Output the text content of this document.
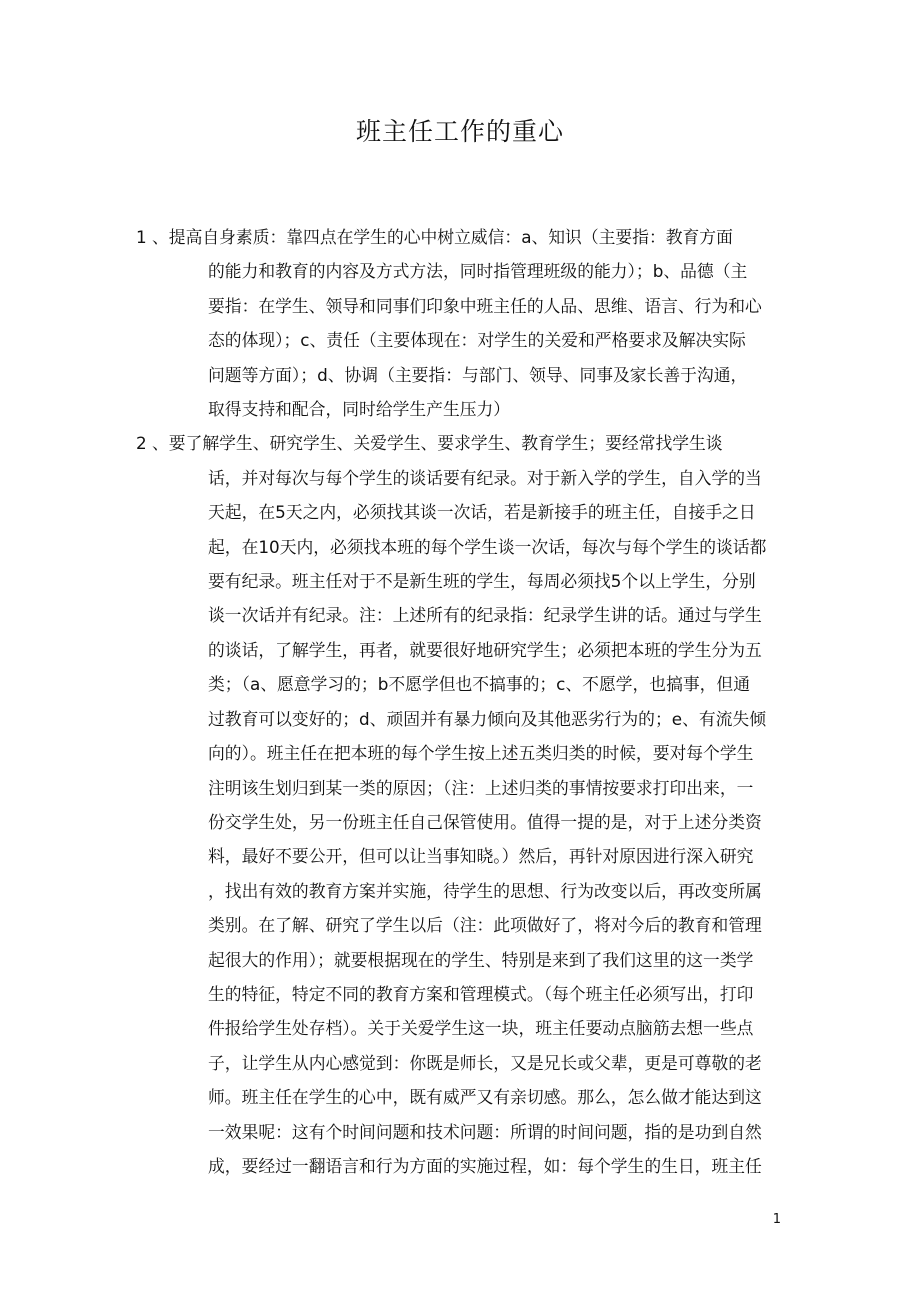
班主任工作的重心
1 、提高自身素质：靠四点在学生的心中树立威信：a、知识（主要指：教育方面
的能力和教育的内容及方式方法，同时指管理班级的能力）；b、品德（主
要指：在学生、领导和同事们印象中班主任的人品、思维、语言、行为和心
态的体现）；c、责任（主要体现在：对学生的关爱和严格要求及解决实际
问题等方面）；d、协调（主要指：与部门、领导、同事及家长善于沟通，
取得支持和配合，同时给学生产生压力）
2 、要了解学生、研究学生、关爱学生、要求学生、教育学生；要经常找学生谈
话，并对每次与每个学生的谈话要有纪录。对于新入学的学生，自入学的当
天起，在5天之内，必须找其谈一次话，若是新接手的班主任，自接手之日
起，在10天内，必须找本班的每个学生谈一次话，每次与每个学生的谈话都
要有纪录。班主任对于不是新生班的学生，每周必须找5个以上学生，分别
谈一次话并有纪录。注：上述所有的纪录指：纪录学生讲的话。通过与学生
的谈话，了解学生，再者，就要很好地研究学生；必须把本班的学生分为五
类；（a、愿意学习的；b不愿学但也不搞事的；c、不愿学，也搞事，但通
过教育可以变好的；d、顽固并有暴力倾向及其他恶劣行为的；e、有流失倾
向的）。班主任在把本班的每个学生按上述五类归类的时候，要对每个学生
注明该生划归到某一类的原因；（注：上述归类的事情按要求打印出来，一
份交学生处，另一份班主任自己保管使用。值得一提的是，对于上述分类资
料，最好不要公开，但可以让当事知晓。）然后，再针对原因进行深入研究
，找出有效的教育方案并实施，待学生的思想、行为改变以后，再改变所属
类别。在了解、研究了学生以后（注：此项做好了，将对今后的教育和管理
起很大的作用）；就要根据现在的学生、特别是来到了我们这里的这一类学
生的特征，特定不同的教育方案和管理模式。（每个班主任必须写出，打印
件报给学生处存档）。关于关爱学生这一块，班主任要动点脑筋去想一些点
子，让学生从内心感觉到：你既是师长，又是兄长或父辈，更是可尊敬的老
师。班主任在学生的心中，既有威严又有亲切感。那么，怎么做才能达到这
一效果呢：这有个时间问题和技术问题：所谓的时间问题，指的是功到自然
成，要经过一翻语言和行为方面的实施过程，如：每个学生的生日，班主任
1
